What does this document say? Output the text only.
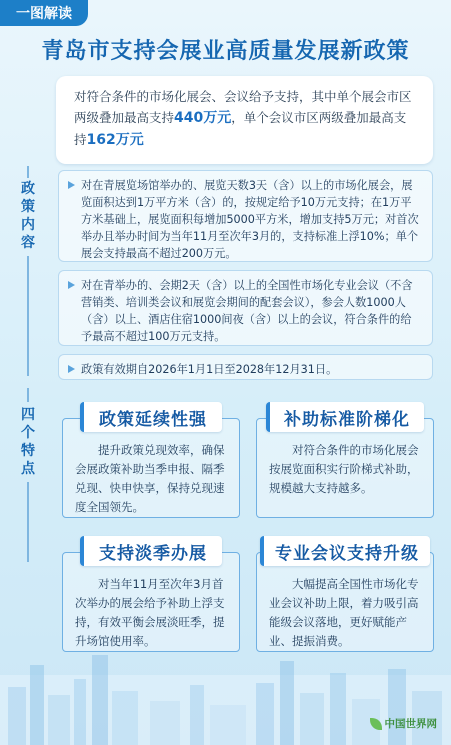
一图解读
青岛市支持会展业高质量发展新政策
对符合条件的市场化展会、会议给予支持，其中单个展会市区两级叠加最高支持440万元，单个会议市区两级叠加最高支持162万元
政策内容
对在青展览场馆举办的、展览天数3天（含）以上的市场化展会，展览面积达到1万平方米（含）的，按规定给予10万元支持；在1万平方米基础上，展览面积每增加5000平方米，增加支持5万元；对首次举办且举办时间为当年11月至次年3月的，支持标准上浮10%；单个展会支持最高不超过200万元。
对在青举办的、会期2天（含）以上的全国性市场化专业会议（不含营销类、培训类会议和展览会期间的配套会议），参会人数1000人（含）以上、酒店住宿1000间夜（含）以上的会议，符合条件的给予最高不超过100万元支持。
政策有效期自2026年1月1日至2028年12月31日。
四个特点
提升政策兑现效率，确保会展政策补助当季申报、隔季兑现、快申快享，保持兑现速度全国领先。
政策延续性强
对符合条件的市场化展会按展览面积实行阶梯式补助，规模越大支持越多。
补助标准阶梯化
对当年11月至次年3月首次举办的展会给予补助上浮支持，有效平衡会展淡旺季，提升场馆使用率。
支持淡季办展
大幅提高全国性市场化专业会议补助上限，着力吸引高能级会议落地，更好赋能产业、提振消费。
专业会议支持升级
中国世界网
